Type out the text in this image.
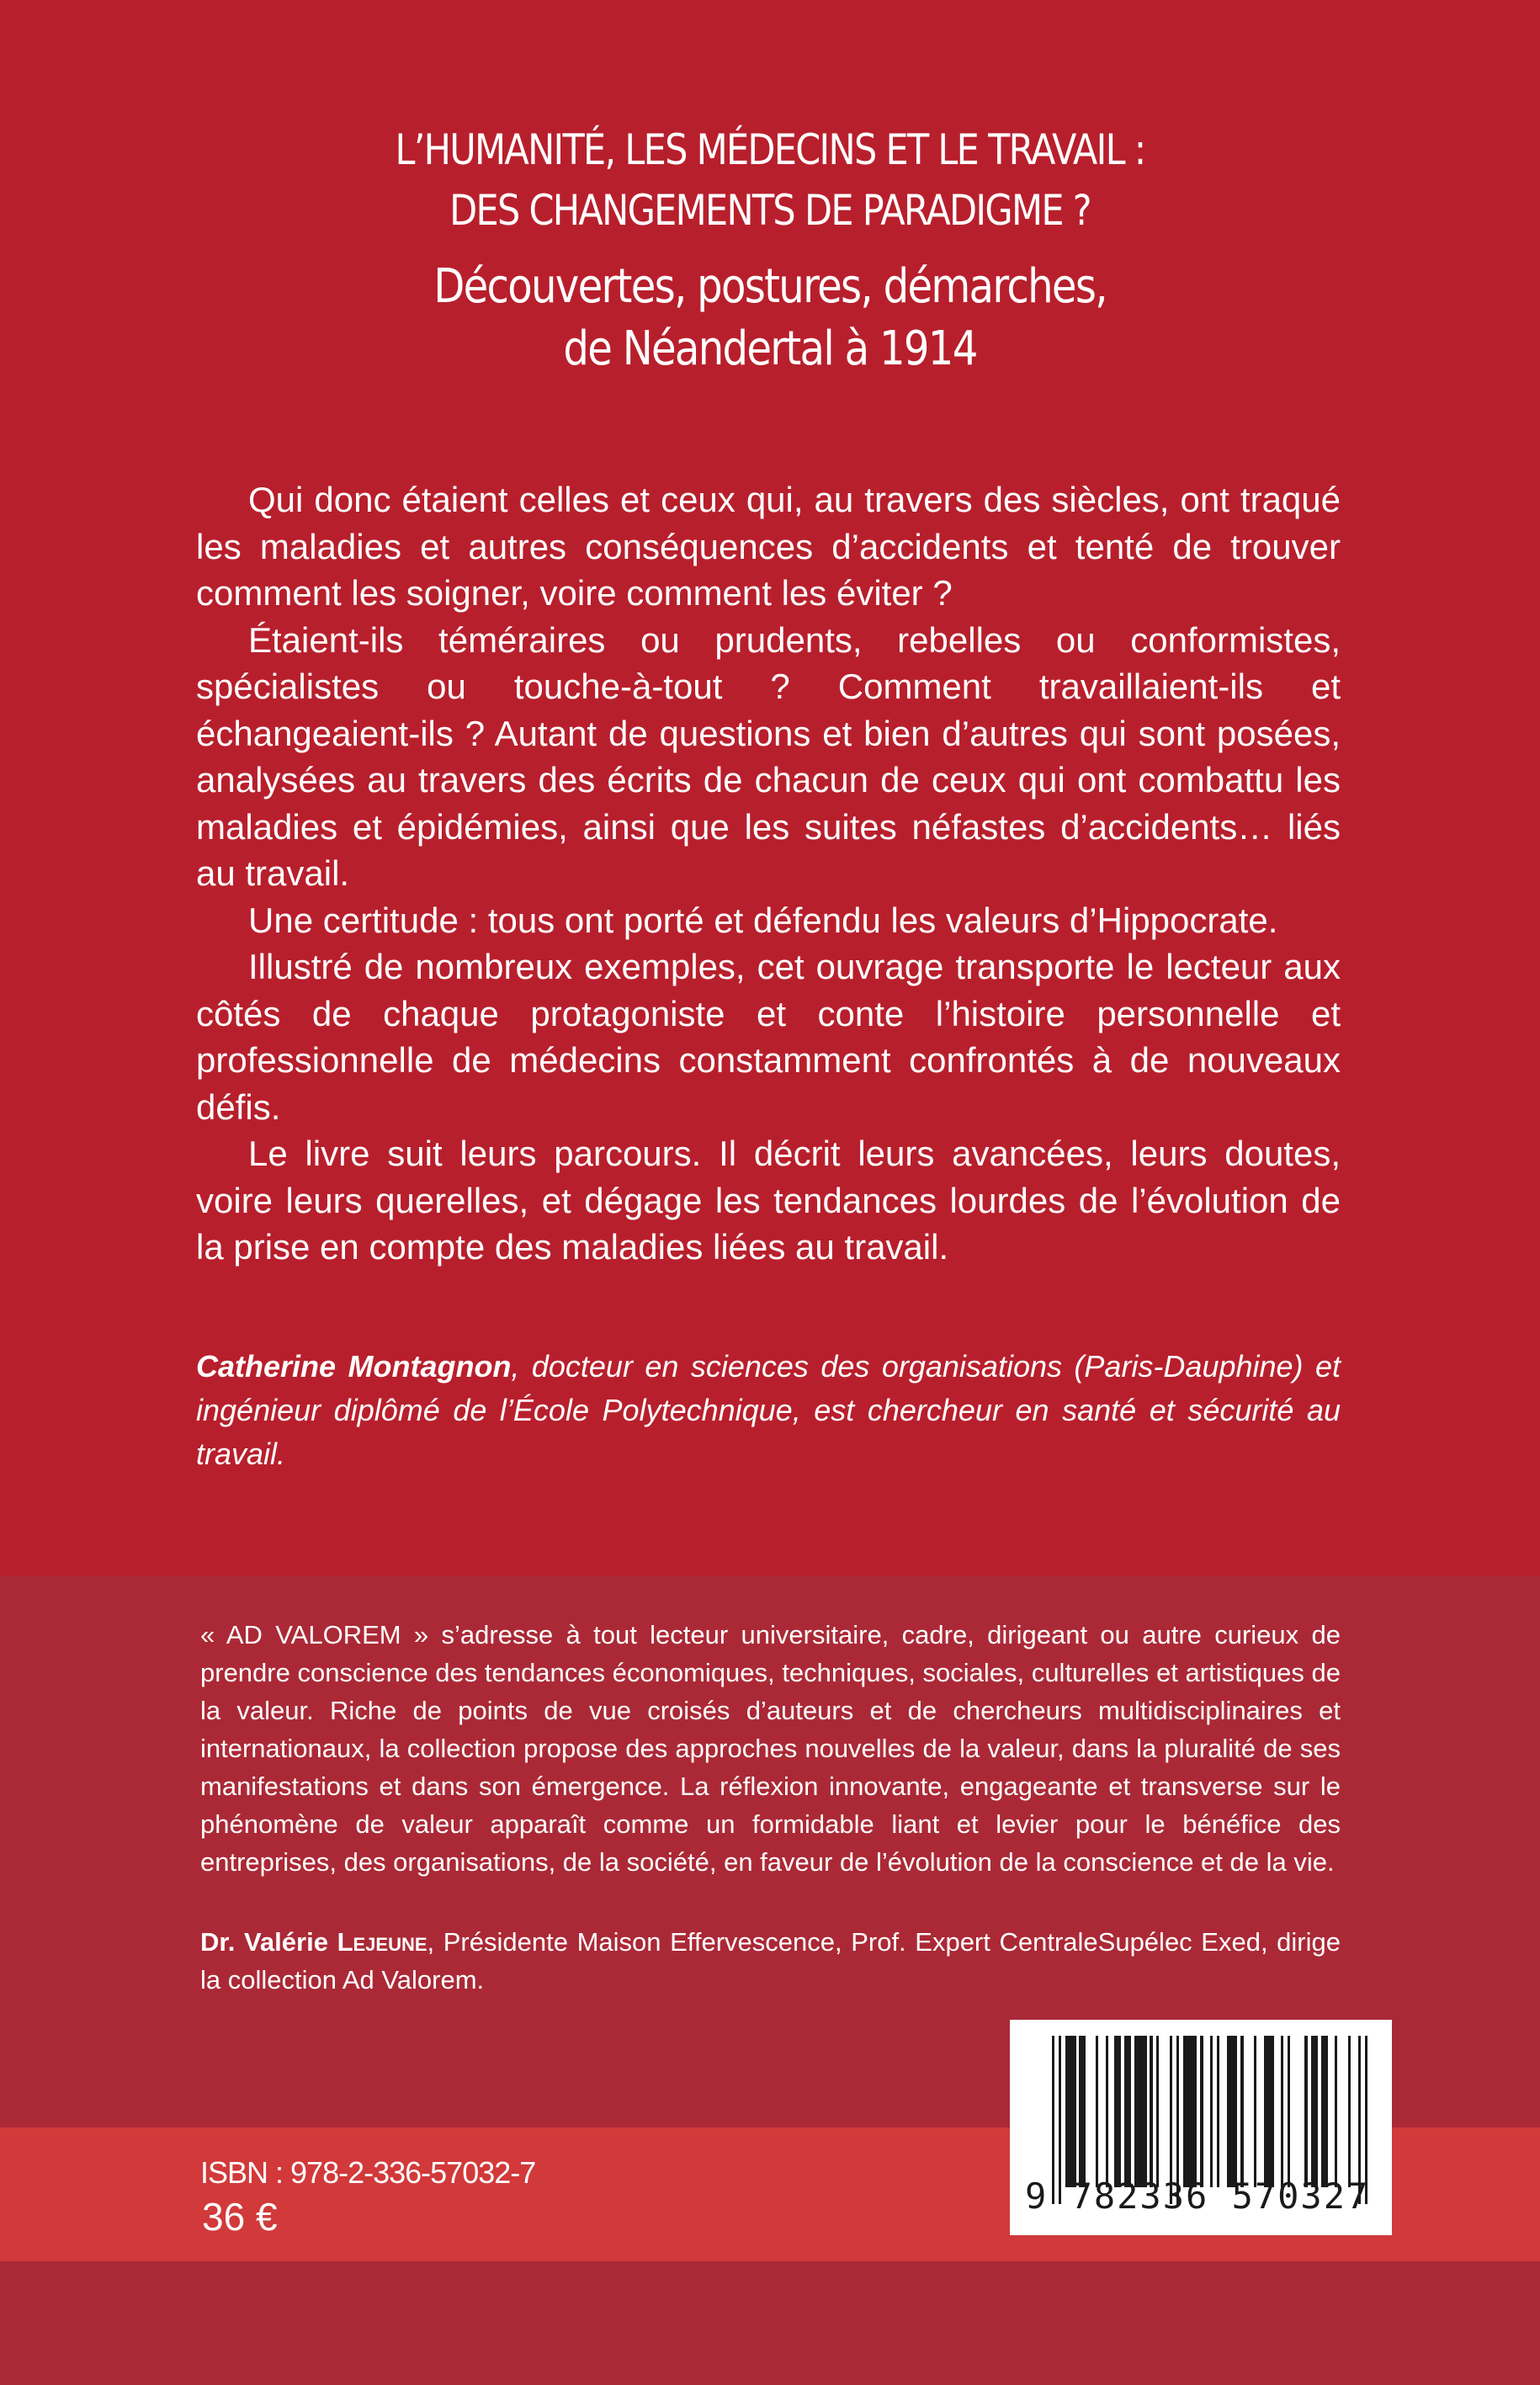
L’HUMANITÉ, LES MÉDECINS ET LE TRAVAIL :
DES CHANGEMENTS DE PARADIGME ?
Découvertes, postures, démarches,
de Néandertal à 1914

Qui donc étaient celles et ceux qui, au travers des siècles, ont traqué les maladies et autres conséquences d’accidents et tenté de trouver comment les soigner, voire comment les éviter ?

Étaient-ils téméraires ou prudents, rebelles ou conformistes, spécialistes ou touche-à-tout ? Comment travaillaient-ils et échangeaient-ils ? Autant de questions et bien d’autres qui sont posées, analysées au travers des écrits de chacun de ceux qui ont combattu les maladies et épidémies, ainsi que les suites néfastes d’accidents… liés au travail.

Une certitude : tous ont porté et défendu les valeurs d’Hippocrate.

Illustré de nombreux exemples, cet ouvrage transporte le lecteur aux côtés de chaque protagoniste et conte l’histoire personnelle et professionnelle de médecins constamment confrontés à de nouveaux défis.

Le livre suit leurs parcours. Il décrit leurs avancées, leurs doutes, voire leurs querelles, et dégage les tendances lourdes de l’évolution de la prise en compte des maladies liées au travail.

Catherine Montagnon, docteur en sciences des organisations (Paris-Dauphine) et ingénieur diplômé de l’École Polytechnique, est chercheur en santé et sécurité au travail.
« AD VALOREM » s’adresse à tout lecteur universitaire, cadre, dirigeant ou autre curieux de prendre conscience des tendances économiques, techniques, sociales, culturelles et artistiques de la valeur. Riche de points de vue croisés d’auteurs et de chercheurs multidisciplinaires et internationaux, la collection propose des approches nouvelles de la valeur, dans la pluralité de ses manifestations et dans son émergence. La réflexion innovante, engageante et transverse sur le phénomène de valeur apparaît comme un formidable liant et levier pour le bénéfice des entreprises, des organisations, de la société, en faveur de l’évolution de la conscience et de la vie.
Dr. Valérie Lejeune, Présidente Maison Effervescence, Prof. Expert CentraleSupélec Exed, dirige la collection Ad Valorem.
ISBN : 978-2-336-57032-7
36 €	9 782336 570327
